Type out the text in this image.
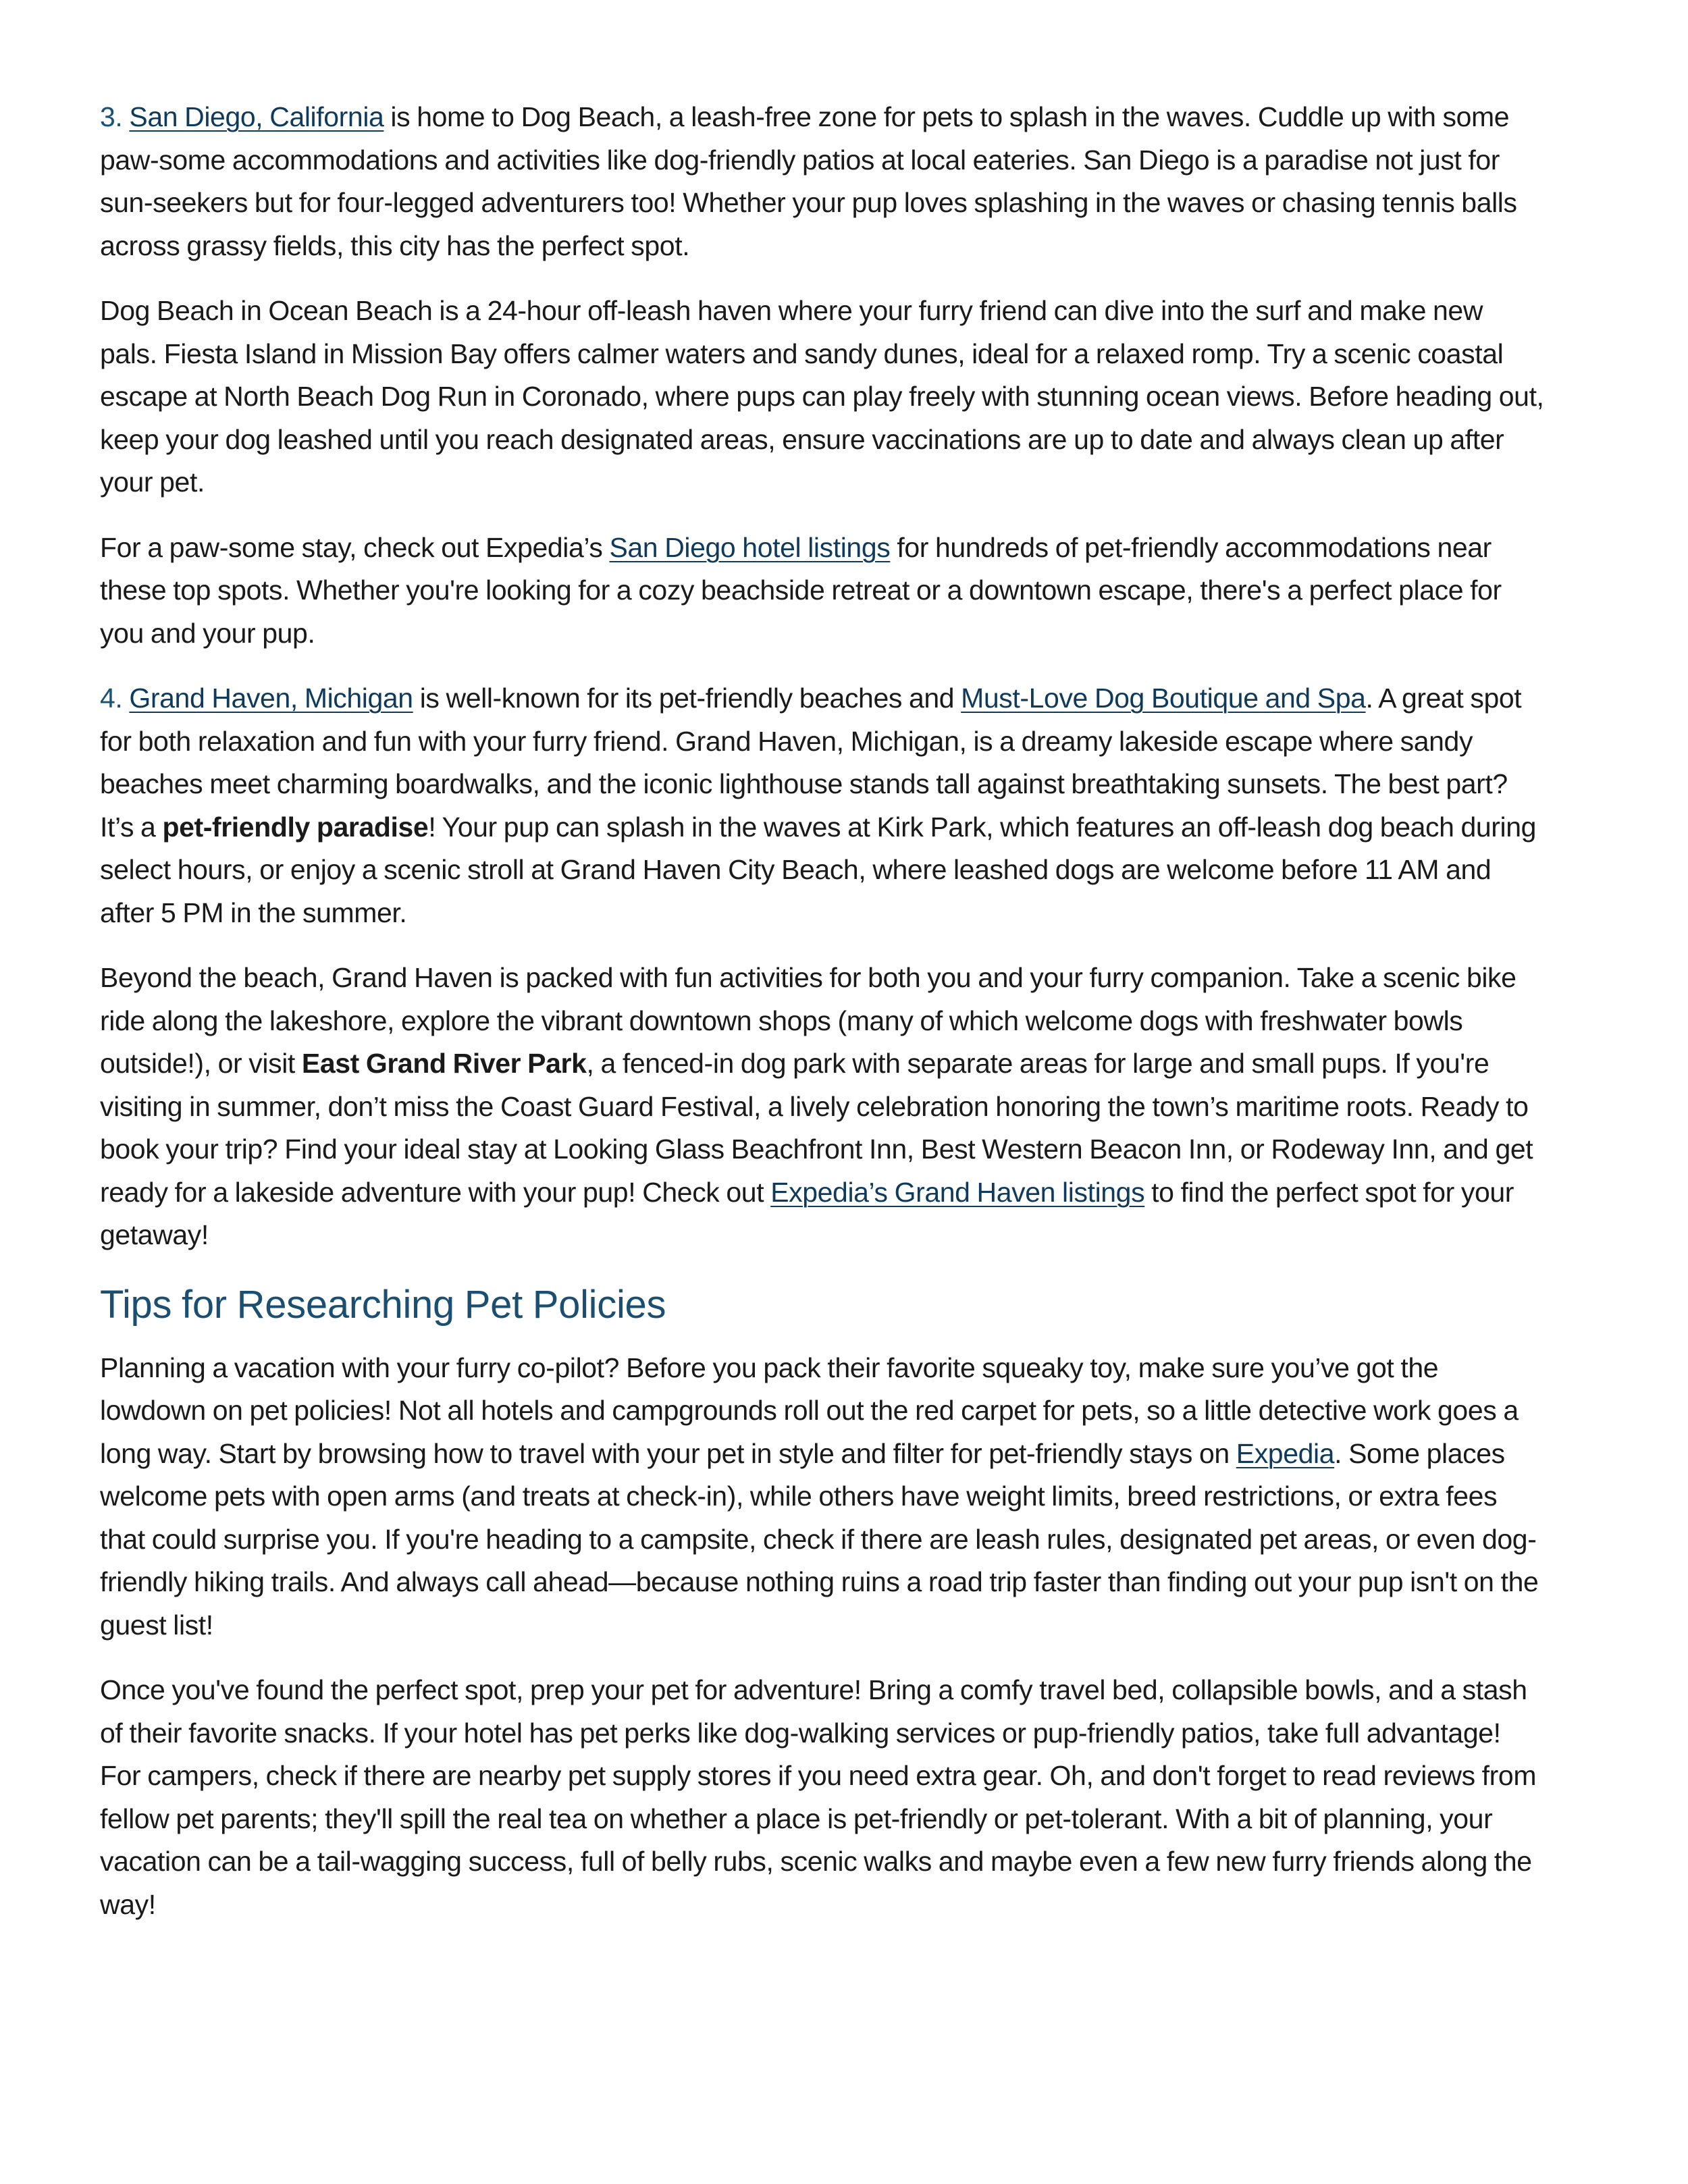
3. San Diego, California is home to Dog Beach, a leash-free zone for pets to splash in the waves. Cuddle up with some paw-some accommodations and activities like dog-friendly patios at local eateries. San Diego is a paradise not just for sun-seekers but for four-legged adventurers too! Whether your pup loves splashing in the waves or chasing tennis balls across grassy fields, this city has the perfect spot.

Dog Beach in Ocean Beach is a 24-hour off-leash haven where your furry friend can dive into the surf and make new pals. Fiesta Island in Mission Bay offers calmer waters and sandy dunes, ideal for a relaxed romp. Try a scenic coastal escape at North Beach Dog Run in Coronado, where pups can play freely with stunning ocean views. Before heading out, keep your dog leashed until you reach designated areas, ensure vaccinations are up to date and always clean up after your pet.

For a paw-some stay, check out Expedia’s San Diego hotel listings for hundreds of pet-friendly accommodations near these top spots. Whether you're looking for a cozy beachside retreat or a downtown escape, there's a perfect place for you and your pup.

4. Grand Haven, Michigan is well-known for its pet-friendly beaches and Must-Love Dog Boutique and Spa. A great spot for both relaxation and fun with your furry friend. Grand Haven, Michigan, is a dreamy lakeside escape where sandy beaches meet charming boardwalks, and the iconic lighthouse stands tall against breathtaking sunsets. The best part? It’s a pet-friendly paradise! Your pup can splash in the waves at Kirk Park, which features an off-leash dog beach during select hours, or enjoy a scenic stroll at Grand Haven City Beach, where leashed dogs are welcome before 11 AM and after 5 PM in the summer.

Beyond the beach, Grand Haven is packed with fun activities for both you and your furry companion. Take a scenic bike ride along the lakeshore, explore the vibrant downtown shops (many of which welcome dogs with freshwater bowls outside!), or visit East Grand River Park, a fenced-in dog park with separate areas for large and small pups. If you're visiting in summer, don’t miss the Coast Guard Festival, a lively celebration honoring the town’s maritime roots. Ready to book your trip? Find your ideal stay at Looking Glass Beachfront Inn, Best Western Beacon Inn, or Rodeway Inn, and get ready for a lakeside adventure with your pup! Check out Expedia’s Grand Haven listings to find the perfect spot for your getaway!

Tips for Researching Pet Policies

Planning a vacation with your furry co-pilot? Before you pack their favorite squeaky toy, make sure you’ve got the lowdown on pet policies! Not all hotels and campgrounds roll out the red carpet for pets, so a little detective work goes a long way. Start by browsing how to travel with your pet in style and filter for pet-friendly stays on Expedia. Some places welcome pets with open arms (and treats at check-in), while others have weight limits, breed restrictions, or extra fees that could surprise you. If you're heading to a campsite, check if there are leash rules, designated pet areas, or even dog-friendly hiking trails. And always call ahead—because nothing ruins a road trip faster than finding out your pup isn't on the guest list!

Once you've found the perfect spot, prep your pet for adventure! Bring a comfy travel bed, collapsible bowls, and a stash of their favorite snacks. If your hotel has pet perks like dog-walking services or pup-friendly patios, take full advantage! For campers, check if there are nearby pet supply stores if you need extra gear. Oh, and don't forget to read reviews from fellow pet parents; they'll spill the real tea on whether a place is pet-friendly or pet-tolerant. With a bit of planning, your vacation can be a tail-wagging success, full of belly rubs, scenic walks and maybe even a few new furry friends along the way!
